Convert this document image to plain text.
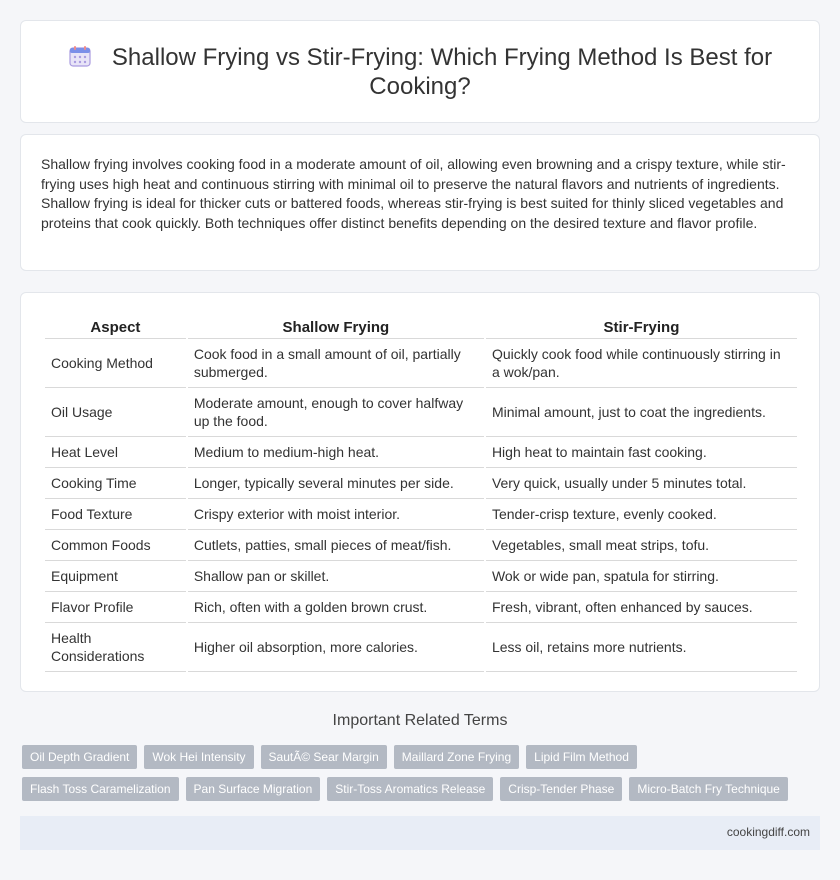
Shallow Frying vs Stir-Frying: Which Frying Method Is Best for Cooking?

Shallow frying involves cooking food in a moderate amount of oil, allowing even browning and a crispy texture, while stir-frying uses high heat and continuous stirring with minimal oil to preserve the natural flavors and nutrients of ingredients. Shallow frying is ideal for thicker cuts or battered foods, whereas stir-frying is best suited for thinly sliced vegetables and proteins that cook quickly. Both techniques offer distinct benefits depending on the desired texture and flavor profile.

Aspect	Shallow Frying	Stir-Frying
Cooking Method	Cook food in a small amount of oil, partially submerged.	Quickly cook food while continuously stirring in a wok/pan.
Oil Usage	Moderate amount, enough to cover halfway up the food.	Minimal amount, just to coat the ingredients.
Heat Level	Medium to medium-high heat.	High heat to maintain fast cooking.
Cooking Time	Longer, typically several minutes per side.	Very quick, usually under 5 minutes total.
Food Texture	Crispy exterior with moist interior.	Tender-crisp texture, evenly cooked.
Common Foods	Cutlets, patties, small pieces of meat/fish.	Vegetables, small meat strips, tofu.
Equipment	Shallow pan or skillet.	Wok or wide pan, spatula for stirring.
Flavor Profile	Rich, often with a golden brown crust.	Fresh, vibrant, often enhanced by sauces.
Health Considerations	Higher oil absorption, more calories.	Less oil, retains more nutrients.
Important Related Terms
Oil Depth Gradient	Wok Hei Intensity	SautÃ© Sear Margin	Maillard Zone Frying	Lipid Film Method
Flash Toss Caramelization	Pan Surface Migration	Stir-Toss Aromatics Release	Crisp-Tender Phase	Micro-Batch Fry Technique
cookingdiff.com
